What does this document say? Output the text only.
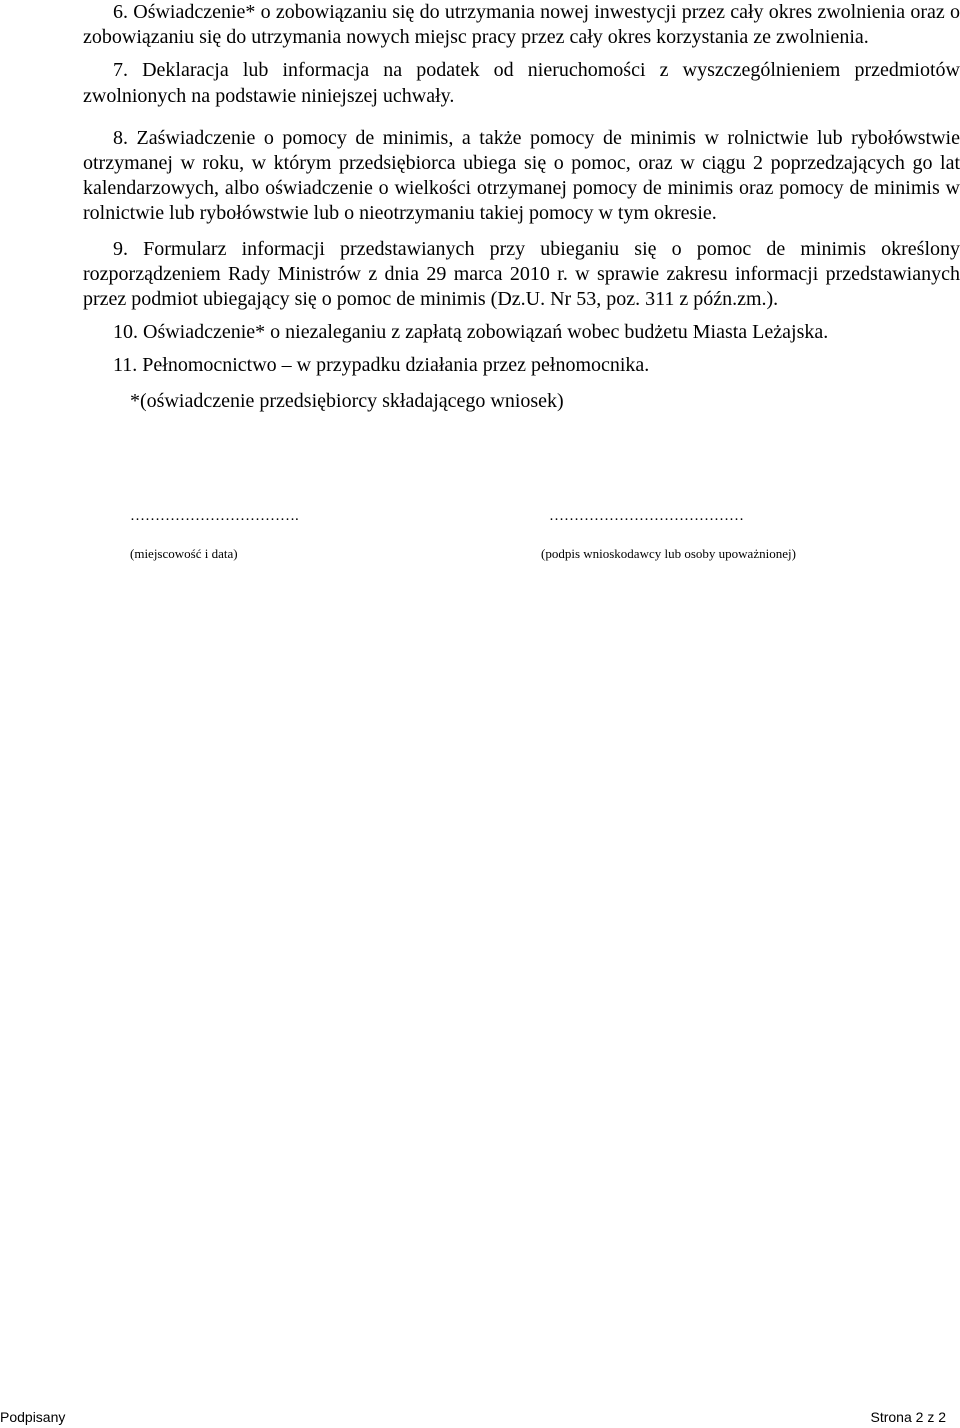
6. Oświadczenie* o zobowiązaniu się do utrzymania nowej inwestycji przez cały okres zwolnienia oraz o zobowiązaniu się do utrzymania nowych miejsc pracy przez cały okres korzystania ze zwolnienia.

7. Deklaracja lub informacja na podatek od nieruchomości z wyszczególnieniem przedmiotów zwolnionych na podstawie niniejszej uchwały.

8. Zaświadczenie o pomocy de minimis, a także pomocy de minimis w rolnictwie lub rybołówstwie otrzymanej w roku, w którym przedsiębiorca ubiega się o pomoc, oraz w ciągu 2 poprzedzających go lat kalendarzowych, albo oświadczenie o wielkości otrzymanej pomocy de minimis oraz pomocy de minimis w rolnictwie lub rybołówstwie lub o nieotrzymaniu takiej pomocy w tym okresie.

9. Formularz informacji przedstawianych przy ubieganiu się o pomoc de minimis określony rozporządzeniem Rady Ministrów z dnia 29 marca 2010 r. w sprawie zakresu informacji przedstawianych przez podmiot ubiegający się o pomoc de minimis (Dz.U. Nr 53, poz. 311 z późn.zm.).

10. Oświadczenie* o niezaleganiu z zapłatą zobowiązań wobec budżetu Miasta Leżajska.

11. Pełnomocnictwo – w przypadku działania przez pełnomocnika.

*(oświadczenie przedsiębiorcy składającego wniosek)

…………………………….	…………………………………
(miejscowość i data)	(podpis wnioskodawcy lub osoby upoważnionej)
Podpisany	Strona 2 z 2
